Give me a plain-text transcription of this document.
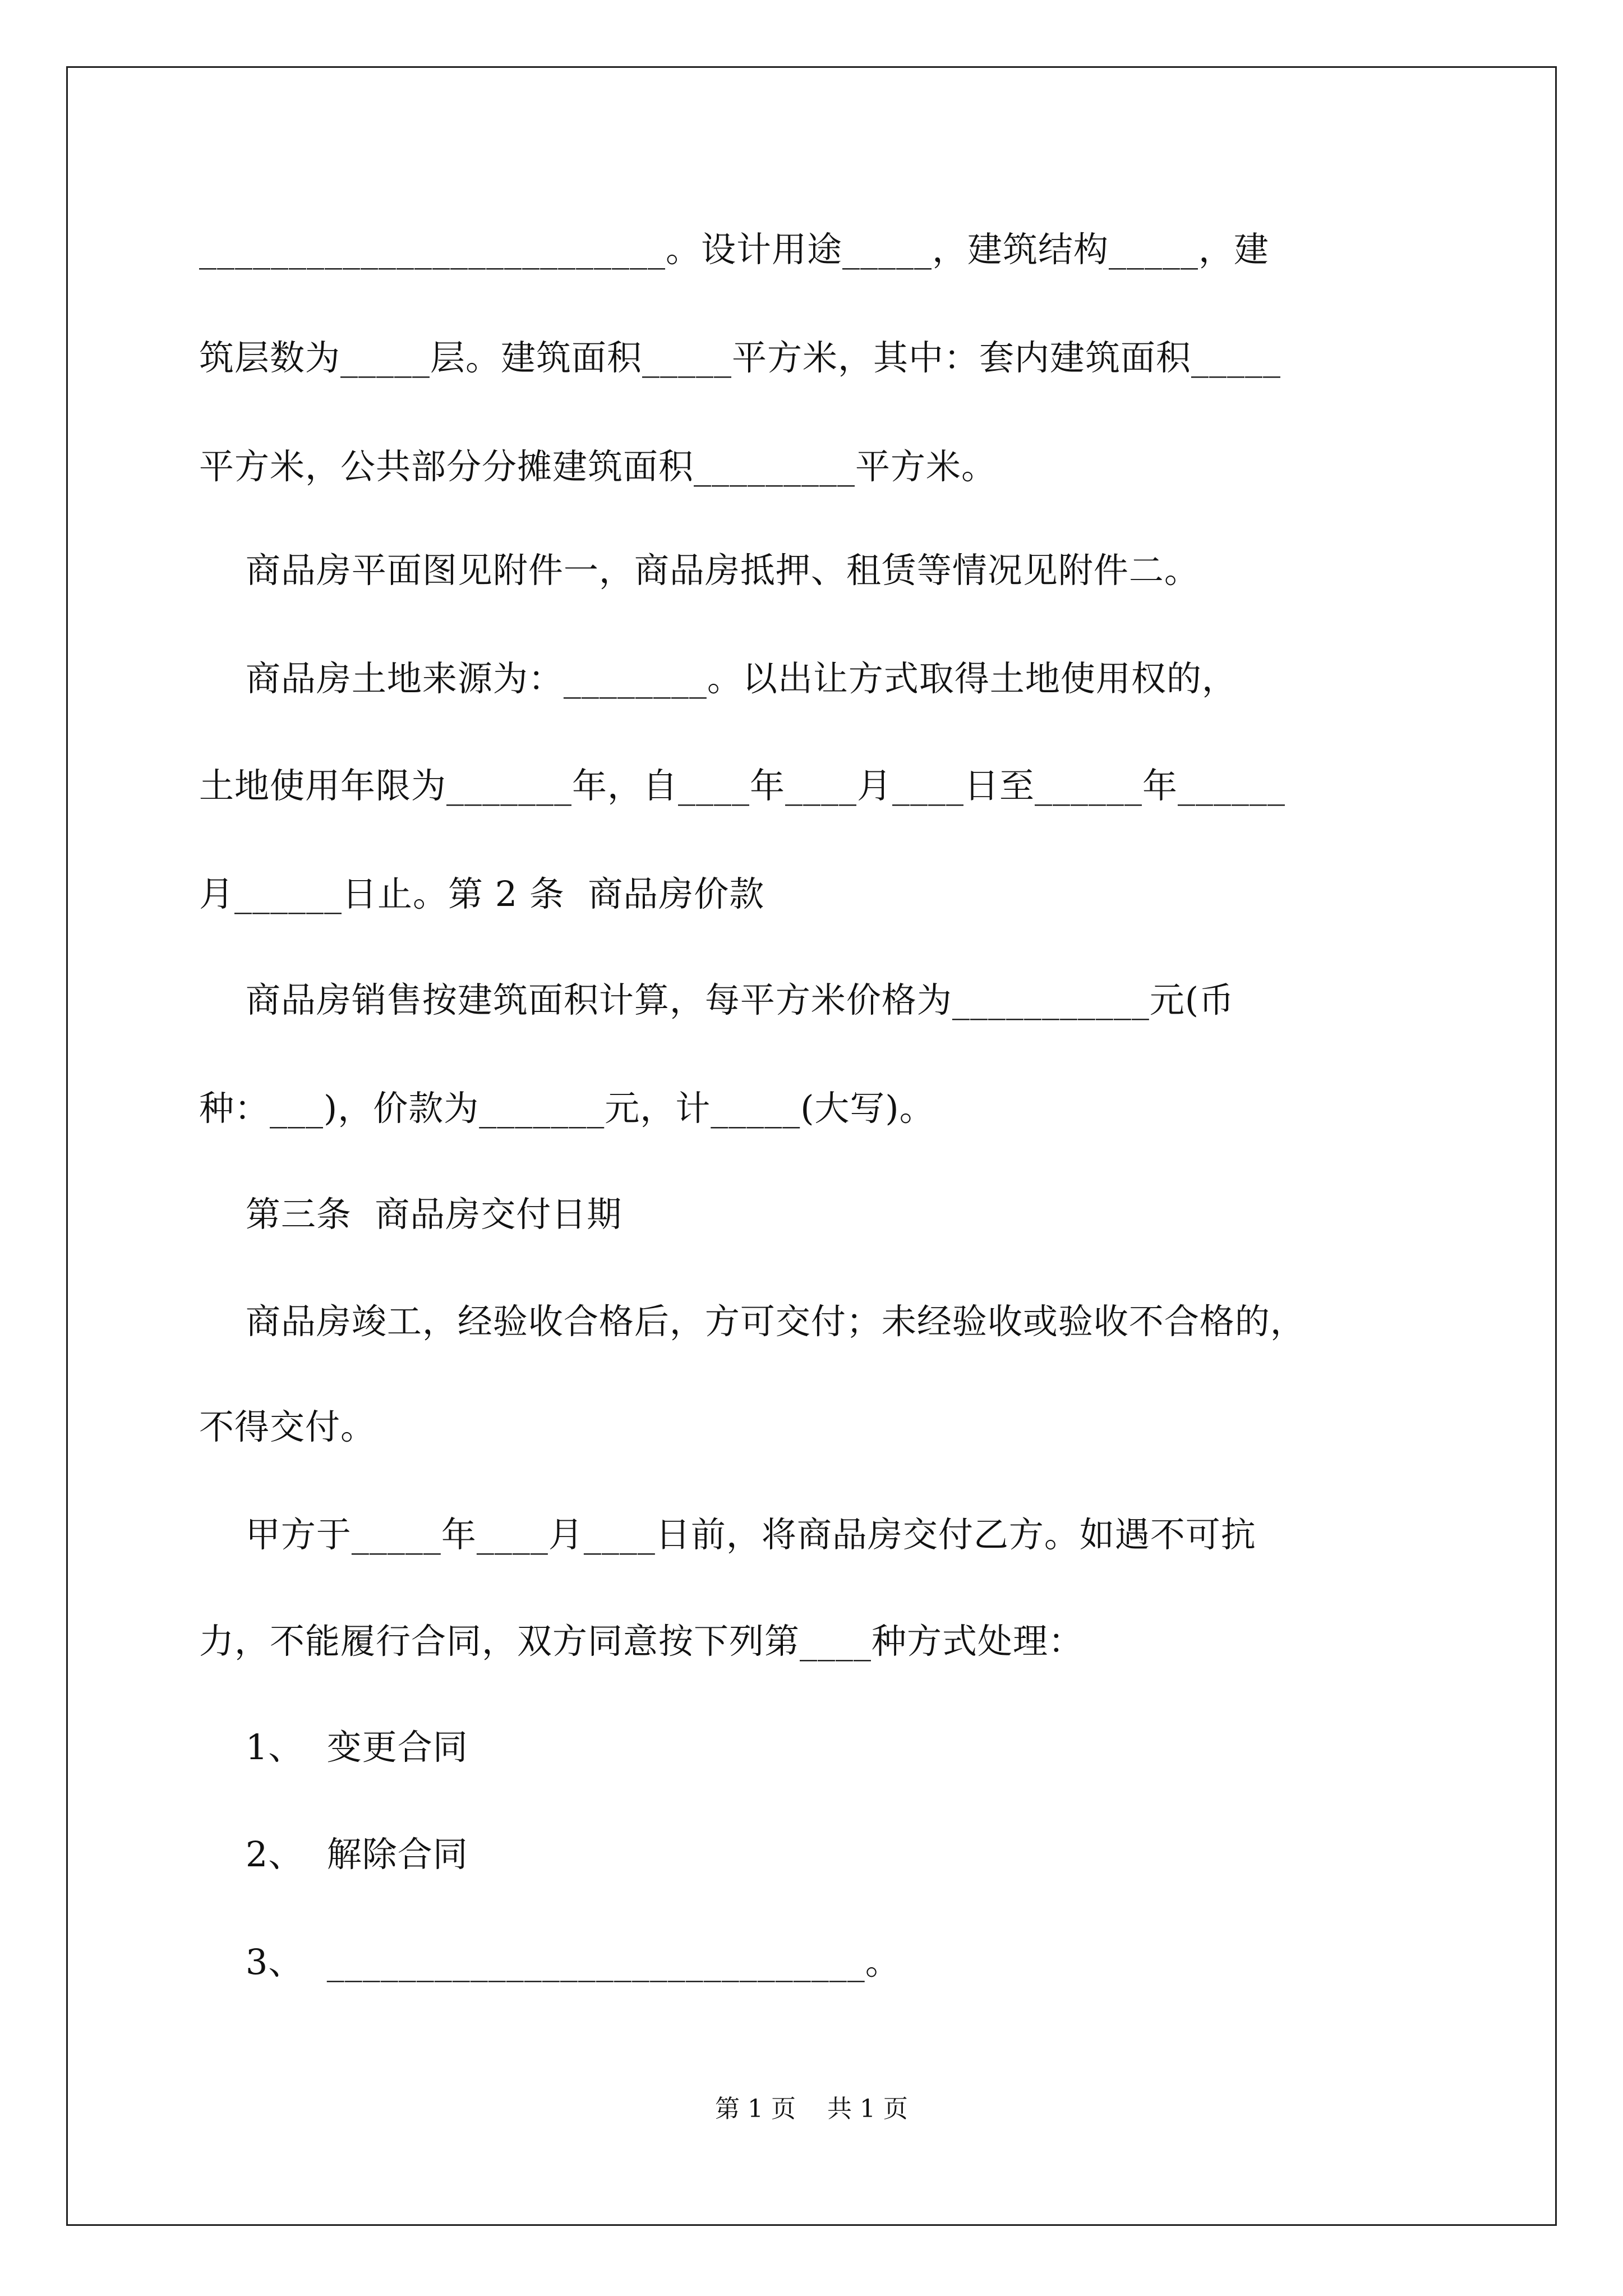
__________________________。设计用途_____，建筑结构_____，建
筑层数为_____层。建筑面积_____平方米，其中：套内建筑面积_____
平方米，公共部分分摊建筑面积_________平方米。
商品房平面图见附件一，商品房抵押、租赁等情况见附件二。
商品房土地来源为：________。以出让方式取得土地使用权的，
土地使用年限为_______年，自____年____月____日至______年______
月______日止。第 2 条  商品房价款
商品房销售按建筑面积计算，每平方米价格为___________元(币
种：___)，价款为_______元，计_____(大写)。
第三条  商品房交付日期
商品房竣工，经验收合格后，方可交付；未经验收或验收不合格的，
不得交付。
甲方于_____年____月____日前，将商品房交付乙方。如遇不可抗
力，不能履行合同，双方同意按下列第____种方式处理：
1、  变更合同
2、  解除合同
3、  ______________________________。
第 1 页    共 1 页
